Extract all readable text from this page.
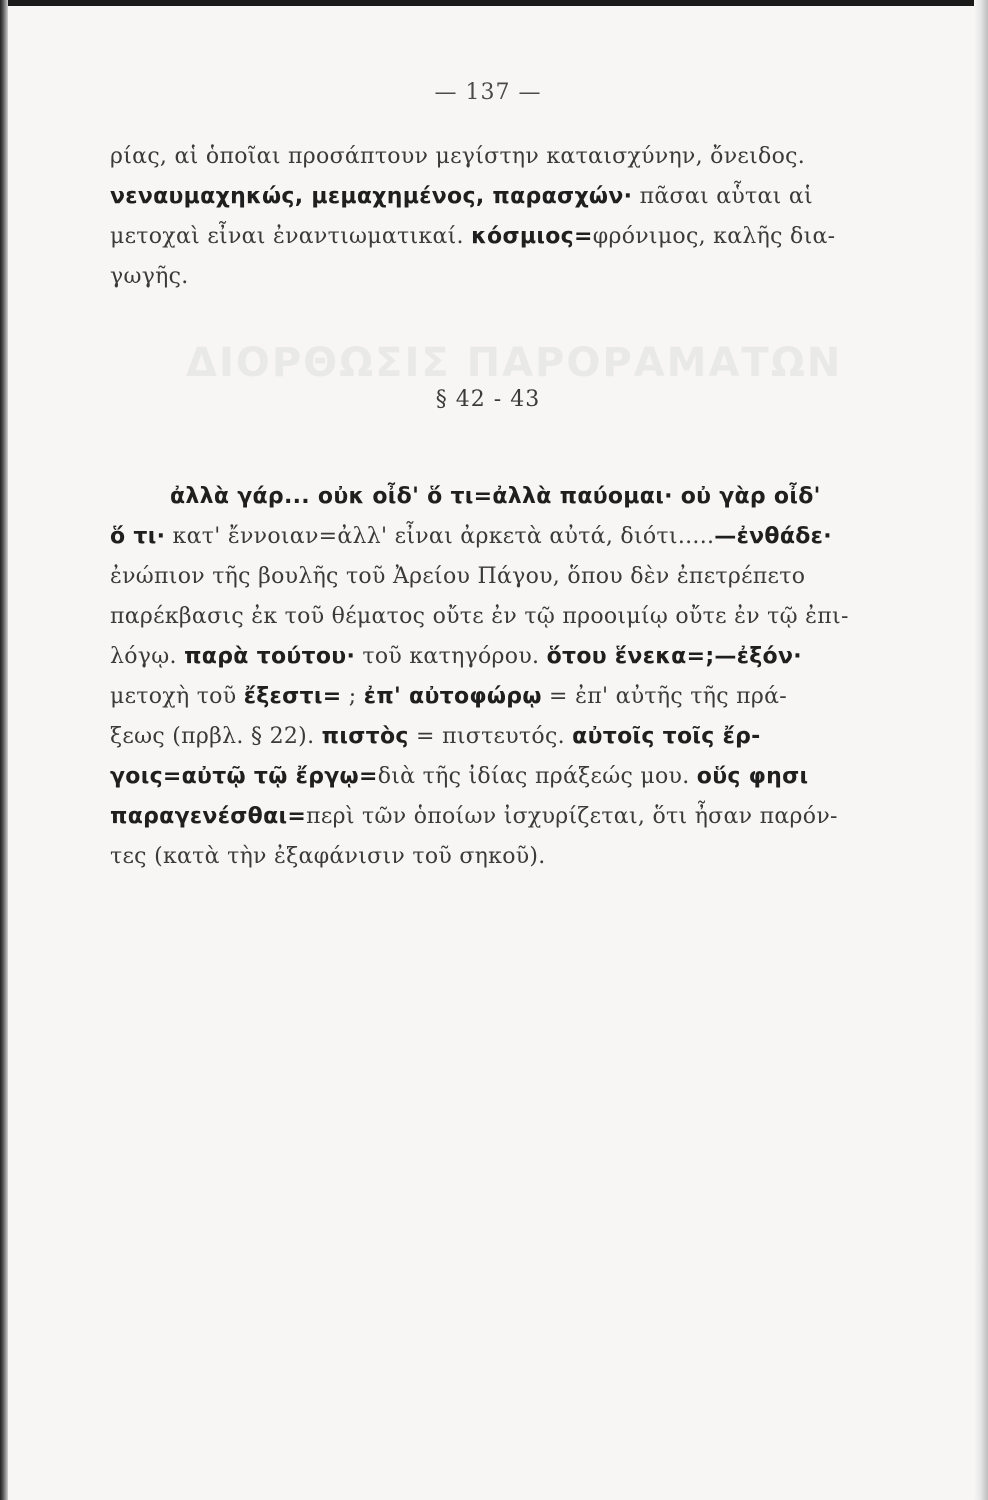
ΔΙΟΡΘΩΣΙΣ ΠΑΡΟΡΑΜΑΤΩΝ
— 137 —
ρίας, αἱ ὁποῖαι προσάπτουν μεγίστην καταισχύνην, ὄνειδος.
νεναυμαχηκώς, μεμαχημένος, παρασχών· πᾶσαι αὗται αἱ
μετοχαὶ εἶναι ἐναντιωματικαί. κόσμιος=φρόνιμος, καλῆς δια-
γωγῆς.
§ 42 - 43
ἀλλὰ γάρ... οὐκ οἶδ' ὅ τι=ἀλλὰ παύομαι· οὐ γὰρ οἶδ'
ὅ τι· κατ' ἔννοιαν=ἀλλ' εἶναι ἀρκετὰ αὐτά, διότι.....—ἐνθάδε·
ἐνώπιον τῆς βουλῆς τοῦ Ἀρείου Πάγου, ὅπου δὲν ἐπετρέπετο
παρέκβασις ἐκ τοῦ θέματος οὔτε ἐν τῷ προοιμίῳ οὔτε ἐν τῷ ἐπι-
λόγῳ. παρὰ τούτου· τοῦ κατηγόρου. ὅτου ἕνεκα=;—ἐξόν·
μετοχὴ τοῦ ἔξεστι= ; ἐπ' αὐτοφώρῳ = ἐπ' αὐτῆς τῆς πρά-
ξεως (πρβλ. § 22). πιστὸς = πιστευτός. αὐτοῖς τοῖς ἔρ-
γοις=αὐτῷ τῷ ἔργῳ=διὰ τῆς ἰδίας πράξεώς μου. οὕς φησι
παραγενέσθαι=περὶ τῶν ὁποίων ἰσχυρίζεται, ὅτι ἦσαν παρόν-
τες (κατὰ τὴν ἐξαφάνισιν τοῦ σηκοῦ).
